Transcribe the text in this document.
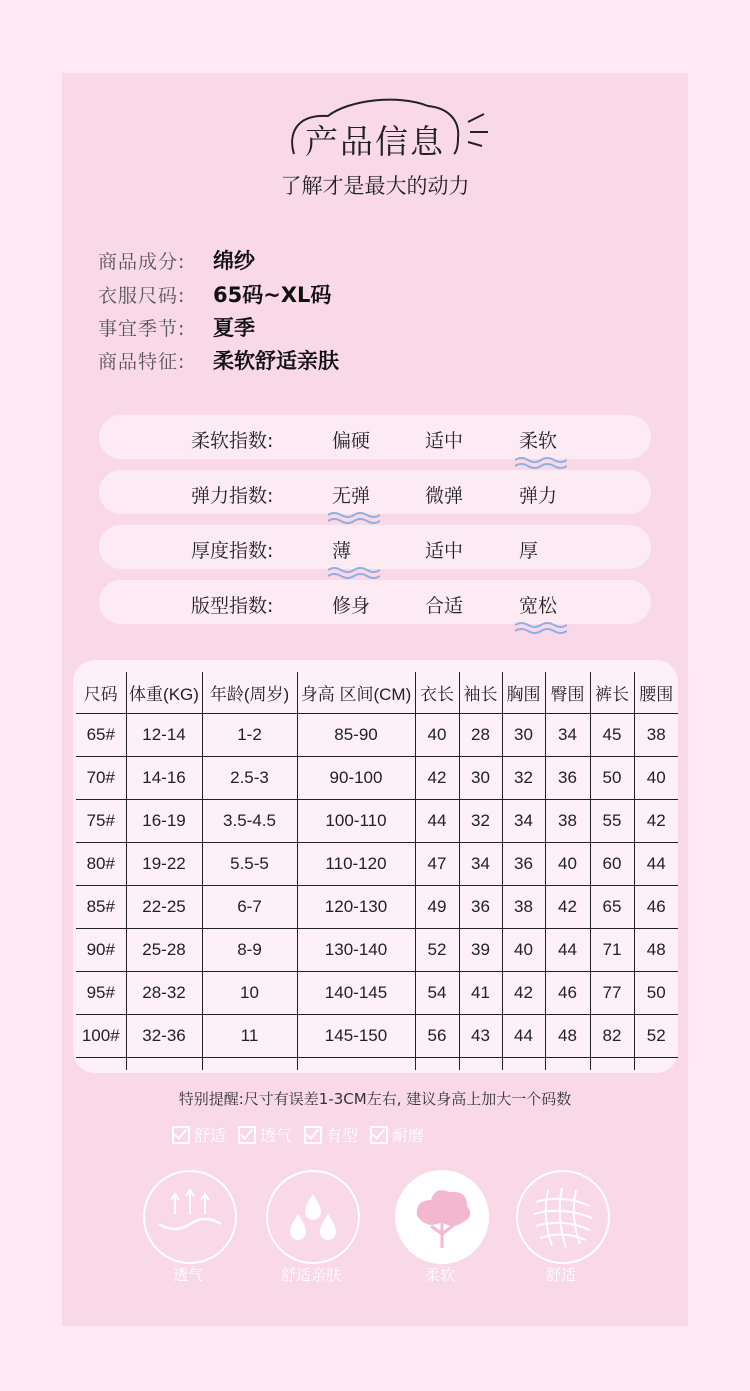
产品信息
了解才是最大的动力
商品成分:	绵纱
衣服尺码:	65码~XL码
事宜季节:	夏季
商品特征:	柔软舒适亲肤
柔软指数:	偏硬	适中	柔软
弹力指数:	无弹	微弹	弹力
厚度指数:	薄	适中	厚
版型指数:	修身	合适	宽松
尺码	体重(KG)	年龄(周岁)	身高 区间(CM)	衣长	袖长	胸围	臀围	裤长	腰围
65#	12-14	1-2	85-90	40	28	30	34	45	38
70#	14-16	2.5-3	90-100	42	30	32	36	50	40
75#	16-19	3.5-4.5	100-110	44	32	34	38	55	42
80#	19-22	5.5-5	110-120	47	34	36	40	60	44
85#	22-25	6-7	120-130	49	36	38	42	65	46
90#	25-28	8-9	130-140	52	39	40	44	71	48
95#	28-32	10	140-145	54	41	42	46	77	50
100#	32-36	11	145-150	56	43	44	48	82	52

特别提醒:尺寸有误差1-3CM左右, 建议身高上加大一个码数
舒适 透气 有型 耐磨
透气	舒适亲肤	柔软	舒适
